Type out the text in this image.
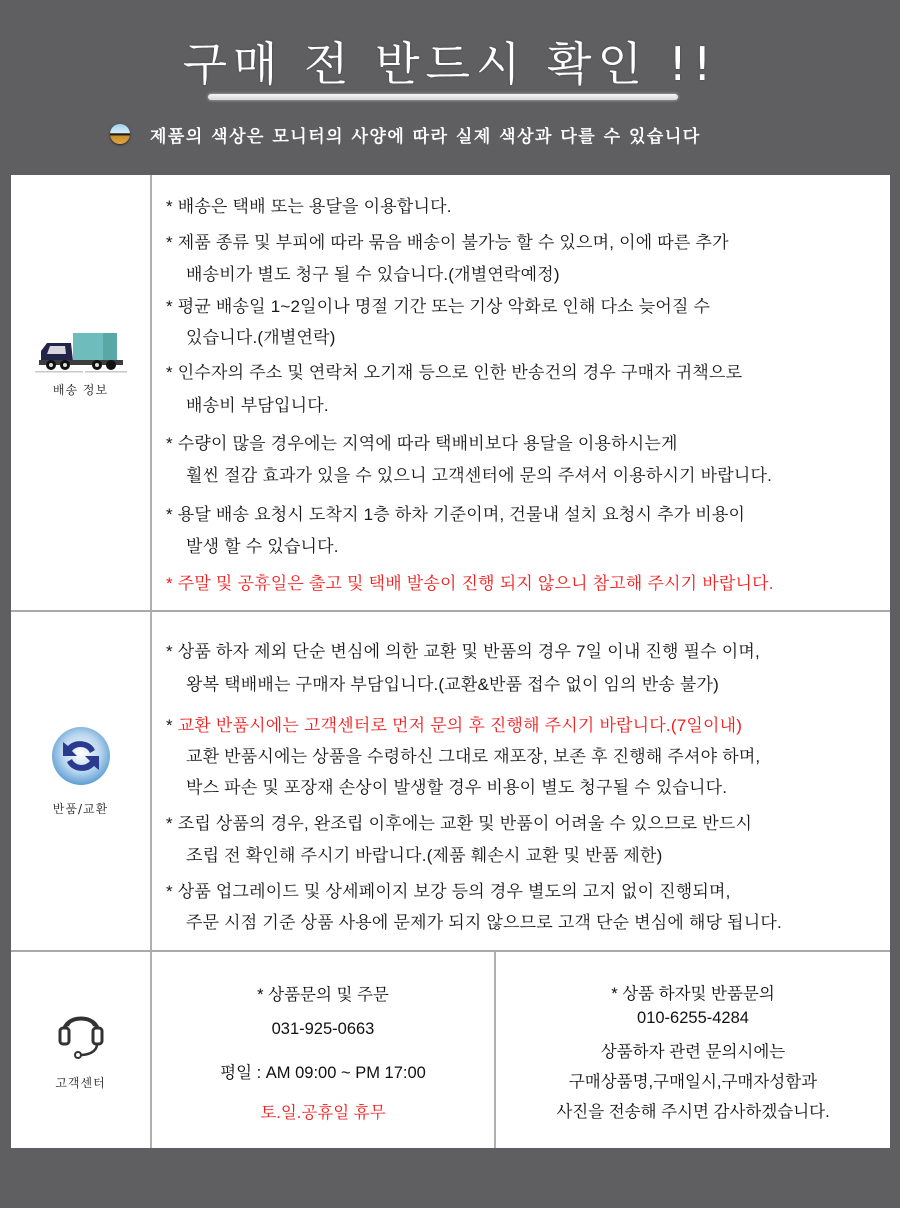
구매 전 반드시 확인 !!
제품의 색상은 모니터의 사양에 따라 실제 색상과 다를 수 있습니다
배송 정보
* 배송은 택배 또는 용달을 이용합니다.
* 제품 종류 및 부피에 따라 묶음 배송이 불가능 할 수 있으며, 이에 따른 추가
배송비가 별도 청구 될 수 있습니다.(개별연락예정)
* 평균 배송일 1~2일이나 명절 기간 또는 기상 악화로 인해 다소 늦어질 수
있습니다.(개별연락)
* 인수자의 주소 및 연락처 오기재 등으로 인한 반송건의 경우 구매자 귀책으로
배송비 부담입니다.
* 수량이 많을 경우에는 지역에 따라 택배비보다 용달을 이용하시는게
훨씬 절감 효과가 있을 수 있으니 고객센터에 문의 주셔서 이용하시기 바랍니다.
* 용달 배송 요청시 도착지 1층 하차 기준이며, 건물내 설치 요청시 추가 비용이
발생 할 수 있습니다.
* 주말 및 공휴일은 출고 및 택배 발송이 진행 되지 않으니 참고해 주시기 바랍니다.
반품/교환
* 상품 하자 제외 단순 변심에 의한 교환 및 반품의 경우 7일 이내 진행 필수 이며,
왕복 택배배는 구매자 부담입니다.(교환&반품 접수 없이 임의 반송 불가)
* 교환 반품시에는 고객센터로 먼저 문의 후 진행해 주시기 바랍니다.(7일이내)
교환 반품시에는 상품을 수령하신 그대로 재포장, 보존 후 진행해 주셔야 하며,
박스 파손 및 포장재 손상이 발생할 경우 비용이 별도 청구될 수 있습니다.
* 조립 상품의 경우, 완조립 이후에는 교환 및 반품이 어려울 수 있으므로 반드시
조립 전 확인해 주시기 바랍니다.(제품 훼손시 교환 및 반품 제한)
* 상품 업그레이드 및 상세페이지 보강 등의 경우 별도의 고지 없이 진행되며,
주문 시점 기준 상품 사용에 문제가 되지 않으므로 고객 단순 변심에 해당 됩니다.
고객센터
* 상품문의 및 주문
031-925-0663
평일 : AM 09:00 ~ PM 17:00
토.일.공휴일 휴무
* 상품 하자및 반품문의
010-6255-4284
상품하자 관련 문의시에는
구매상품명,구매일시,구매자성함과
사진을 전송해 주시면 감사하겠습니다.
